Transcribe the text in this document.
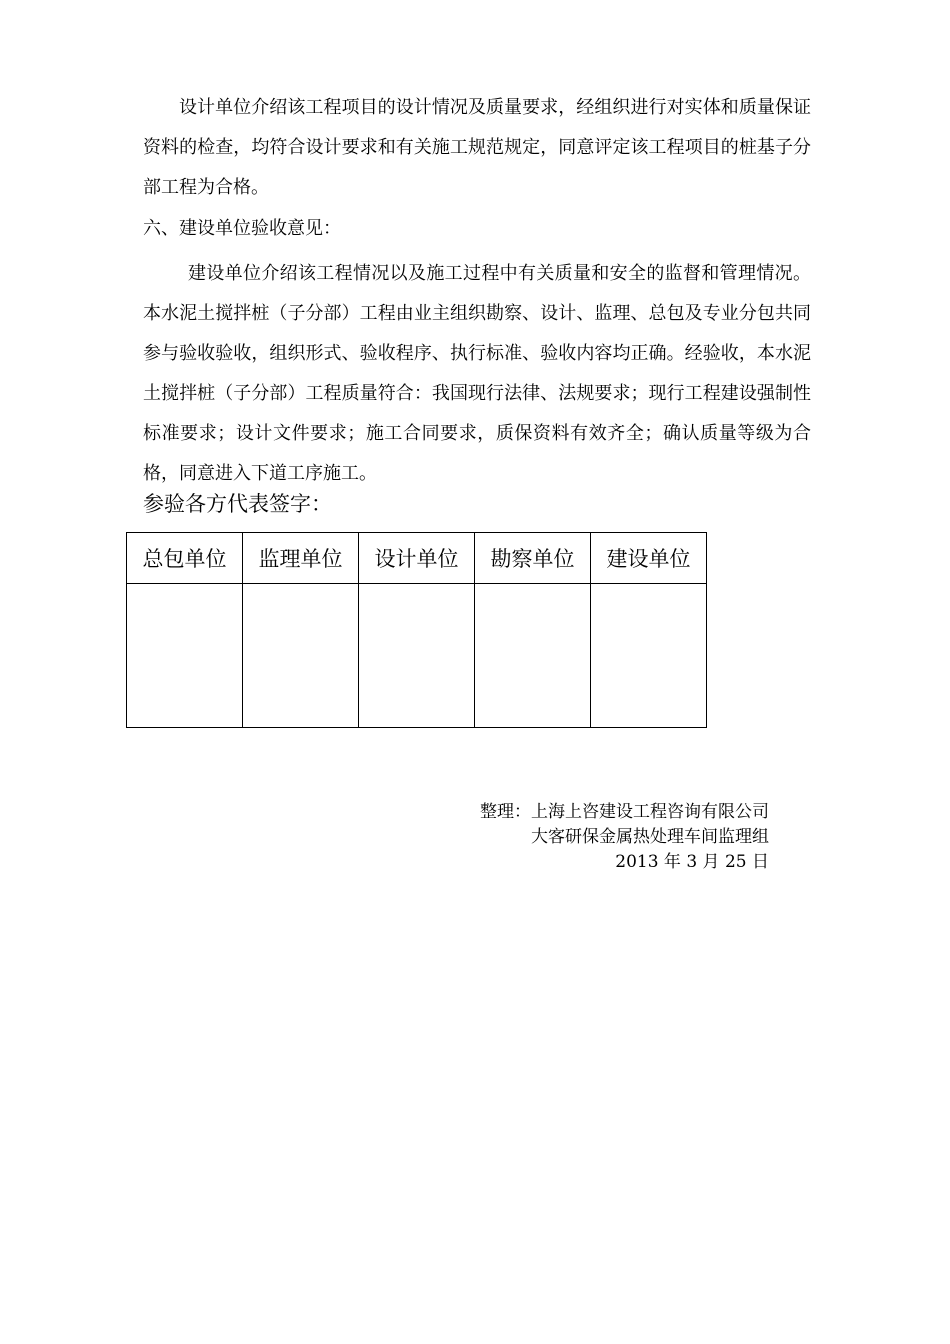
设计单位介绍该工程项目的设计情况及质量要求，经组织进行对实体和质量保证资料的检查，均符合设计要求和有关施工规范规定，同意评定该工程项目的桩基子分部工程为合格。
六、建设单位验收意见：
建设单位介绍该工程情况以及施工过程中有关质量和安全的监督和管理情况。本水泥土搅拌桩（子分部）工程由业主组织勘察、设计、监理、总包及专业分包共同参与验收验收，组织形式、验收程序、执行标准、验收内容均正确。经验收，本水泥土搅拌桩（子分部）工程质量符合：我国现行法律、法规要求；现行工程建设强制性标准要求；设计文件要求；施工合同要求，质保资料有效齐全；确认质量等级为合格，同意进入下道工序施工。
参验各方代表签字：
总包单位	监理单位	设计单位	勘察单位	建设单位

整理：上海上咨建设工程咨询有限公司
大客研保金属热处理车间监理组
2013 年 3 月 25 日
